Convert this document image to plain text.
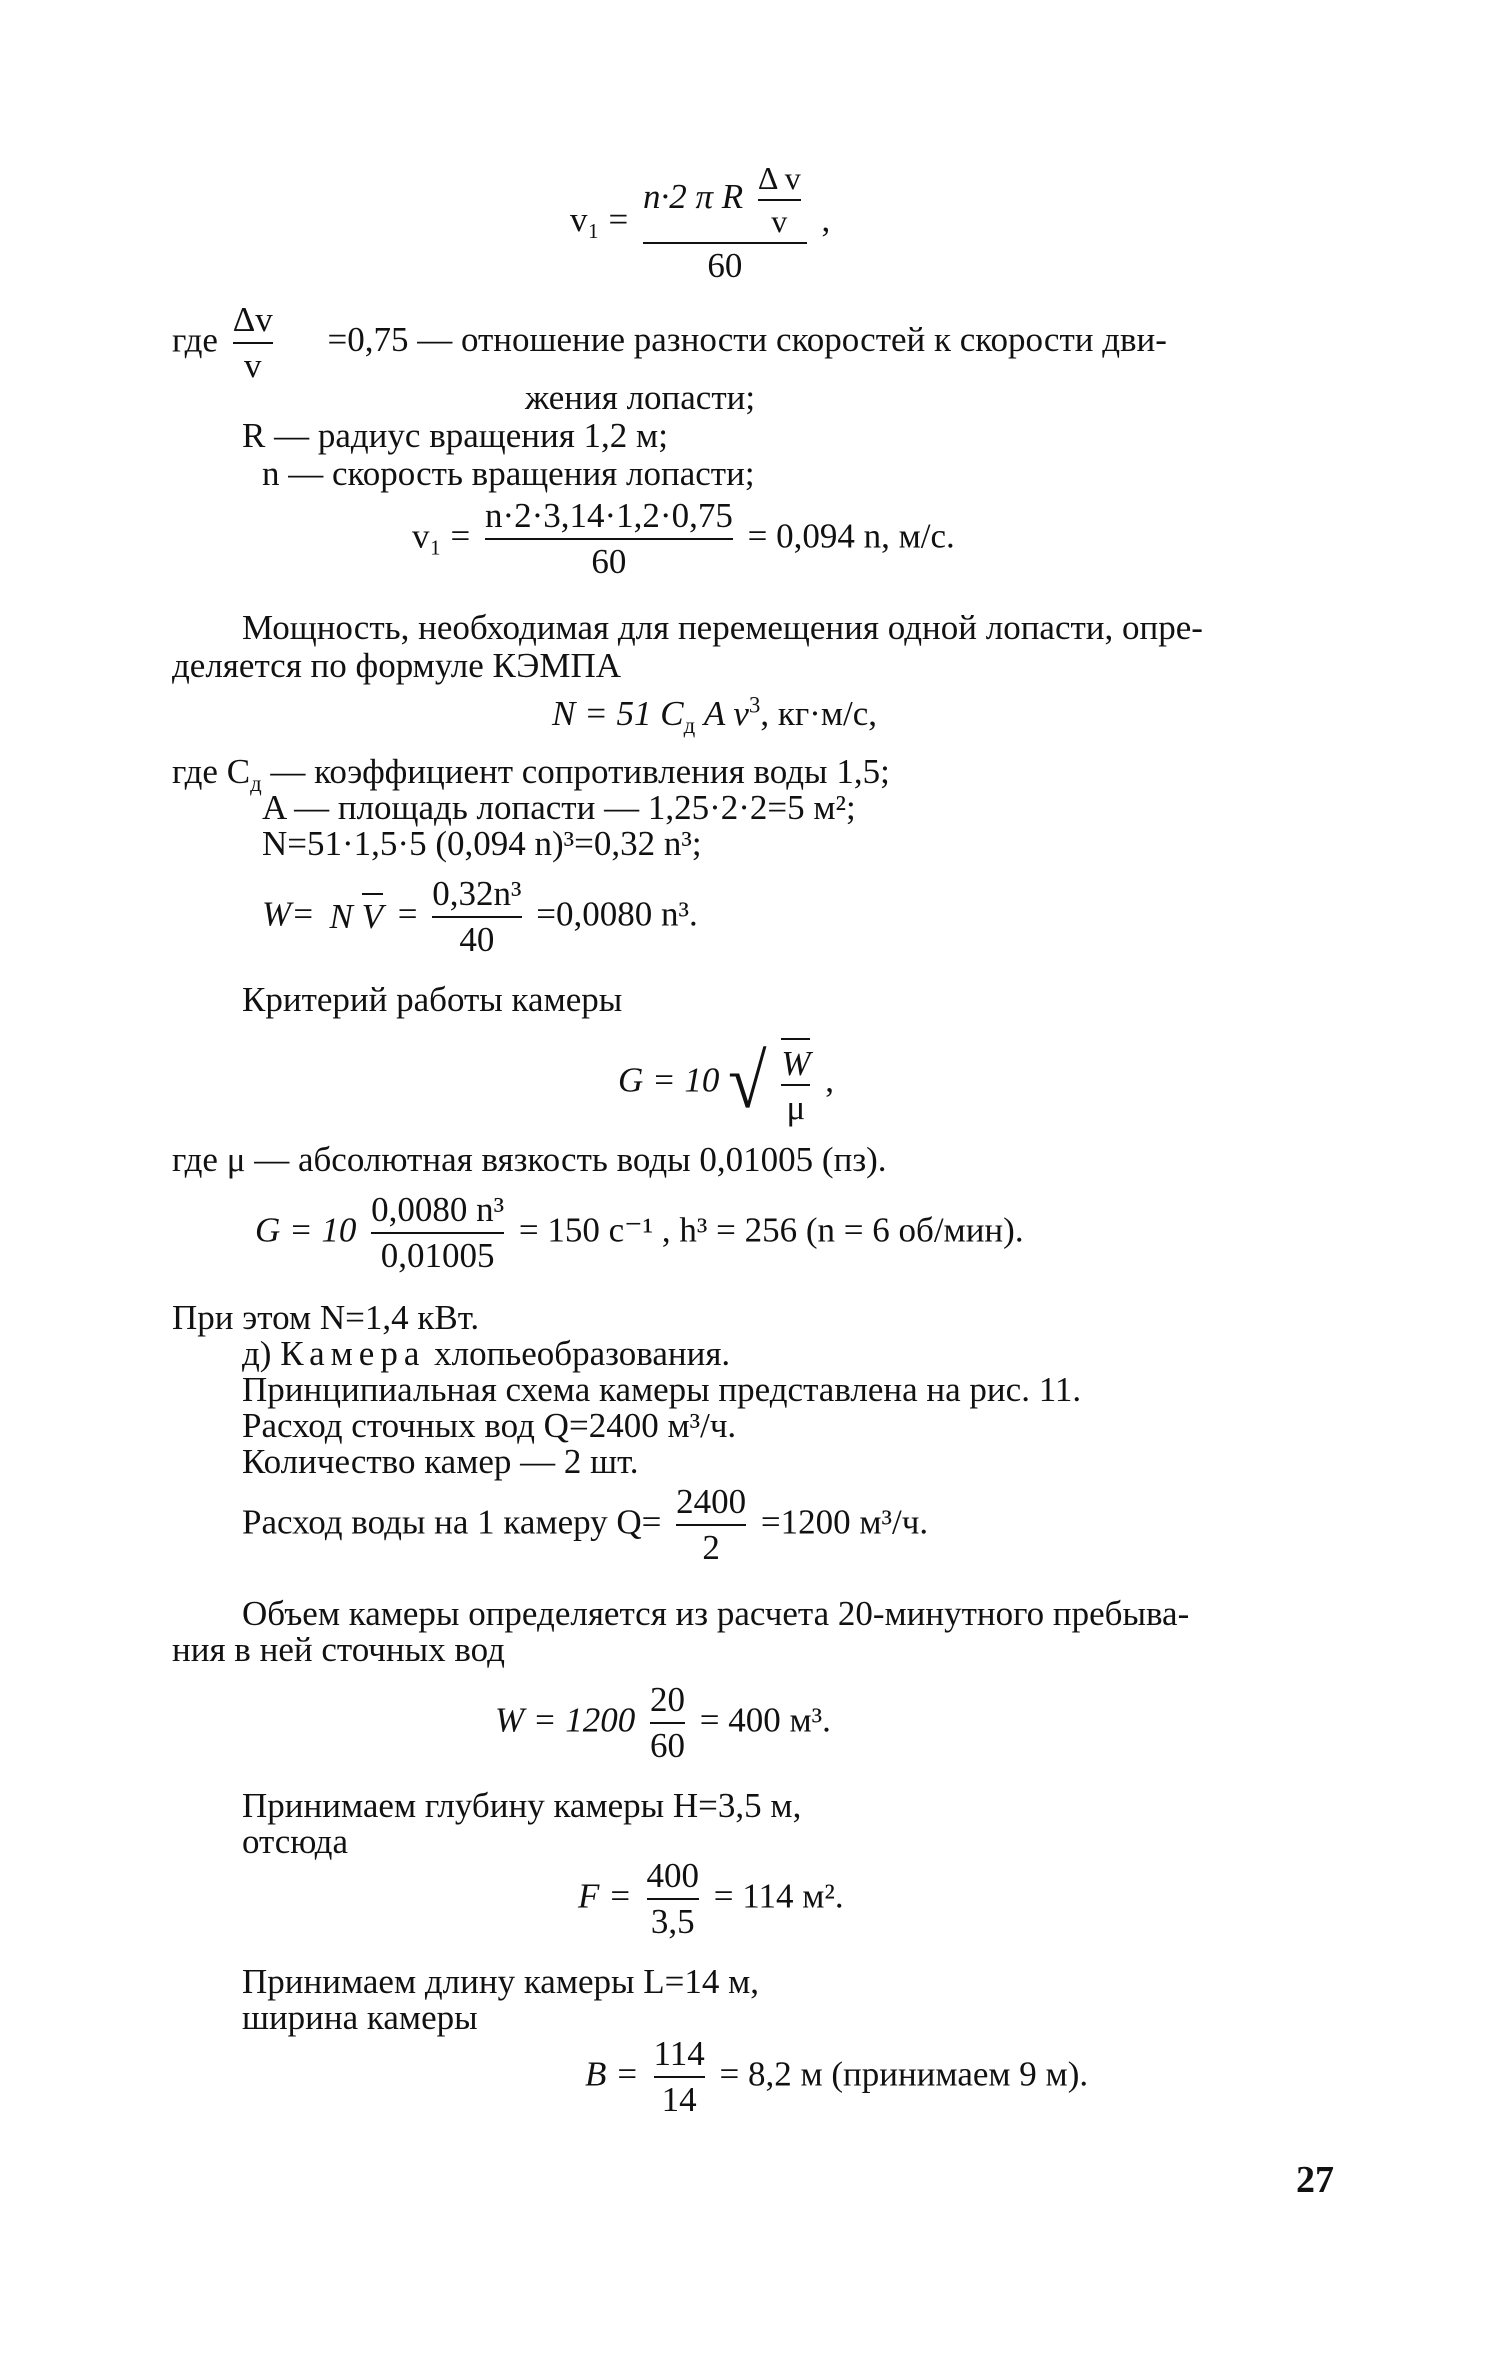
$v_1 = \frac{n\cdot 2 \pi R \frac{\text{Δ v}}{v}}{60}$ ,
где $\frac{\Delta v}{v} =0,75$ — отношение разности скоростей к скорости дви-
жения лопасти;
R — радиус вращения 1,2 м;
n — скорость вращения лопасти;
$v_1 = \frac{n\cdot 2\cdot 3,14\cdot 1,2\cdot 0,75}{60} = 0,094$ n, м/с.
Мощность, необходимая для перемещения одной лопасти, опре-
деляется по формуле КЭМПА
N = 51 $C_д$ A $v^3$, кг·м/с,
где $C_д$ — коэффициент сопротивления воды 1,5;
A — площадь лопасти — 1,25·2·2=5 м²;
N=51·1,5·5 (0,094 n)³=0,32 n³;
W= N $V = \frac{\text{0,32n³}}{40} =0,0080$ n³.
Критерий работы камеры
G = 10 √ $\frac{W}{\mu}$ ,
где μ — абсолютная вязкость воды 0,01005 (пз).
$G = 10 \frac{\text{0,0080 n³}}{0,01005} = 150$ с⁻¹ , h³ = 256 (n = 6 об/мин).
При этом N=1,4 кВт.
д) Камера хлопьеобразования.
Принципиальная схема камеры представлена на рис. 11.
Расход сточных вод Q=2400 м³/ч.
Количество камер — 2 шт.
Расход воды на 1 камеру $Q= \frac{2400}{2} =1200$ м³/ч.
Объем камеры определяется из расчета 20-минутного пребыва-
ния в ней сточных вод
$W = 1200 \frac{20}{60} = 400$ м³.
Принимаем глубину камеры H=3,5 м,
отсюда
$F = \frac{400}{3,5} = 114$ м².
Принимаем длину камеры L=14 м,
ширина камеры
$B = \frac{114}{14} = 8,2$ м (принимаем 9 м).
27
